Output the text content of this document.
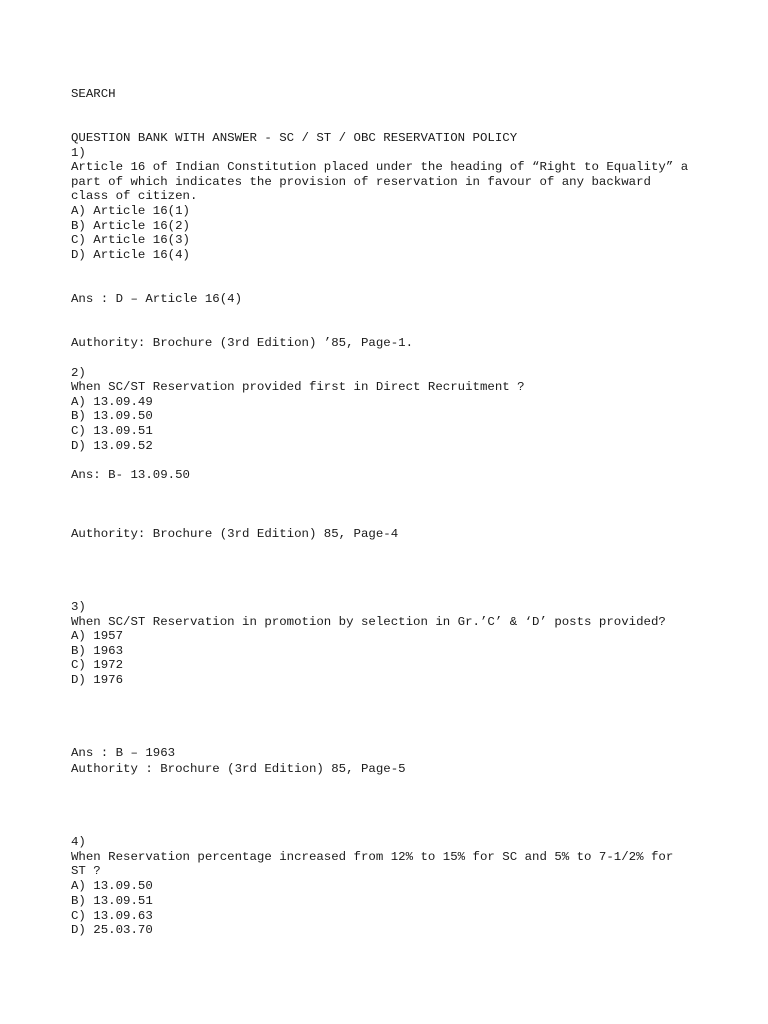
SEARCH
QUESTION BANK WITH ANSWER - SC / ST / OBC RESERVATION POLICY
1)
Article 16 of Indian Constitution placed under the heading of “Right to Equality” a
part of which indicates the provision of reservation in favour of any backward
class of citizen.
A) Article 16(1)
B) Article 16(2)
C) Article 16(3)
D) Article 16(4)
Ans : D – Article 16(4)
Authority: Brochure (3rd Edition) ’85, Page-1.
2)
When SC/ST Reservation provided first in Direct Recruitment ?
A) 13.09.49
B) 13.09.50
C) 13.09.51
D) 13.09.52
Ans: B- 13.09.50
Authority: Brochure (3rd Edition) 85, Page-4
3)
When SC/ST Reservation in promotion by selection in Gr.’C’ & ‘D’ posts provided?
A) 1957
B) 1963
C) 1972
D) 1976
Ans : B – 1963
Authority : Brochure (3rd Edition) 85, Page-5
4)
When Reservation percentage increased from 12% to 15% for SC and 5% to 7-1/2% for
ST ?
A) 13.09.50
B) 13.09.51
C) 13.09.63
D) 25.03.70
